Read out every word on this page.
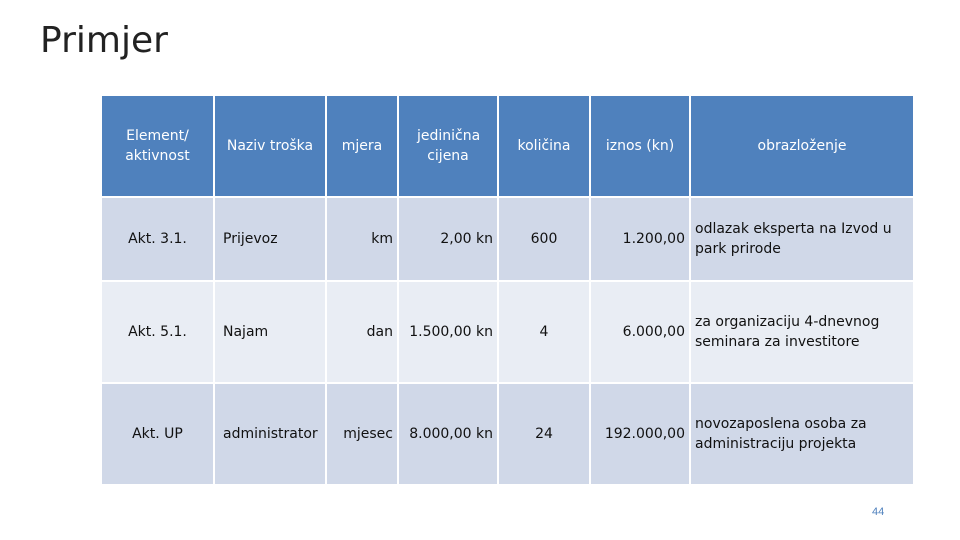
Primjer
Element/ aktivnost	Naziv troška	mjera	jedinična cijena	količina	iznos (kn)	obrazloženje
Akt. 3.1.	Prijevoz	km	2,00 kn	600	1.200,00	odlazak eksperta na Izvod u park prirode
Akt. 5.1.	Najam	dan	1.500,00 kn	4	6.000,00	za organizaciju 4-dnevnog seminara za investitore
Akt. UP	administrator	mjesec	8.000,00 kn	24	192.000,00	novozaposlena osoba za administraciju projekta
44
